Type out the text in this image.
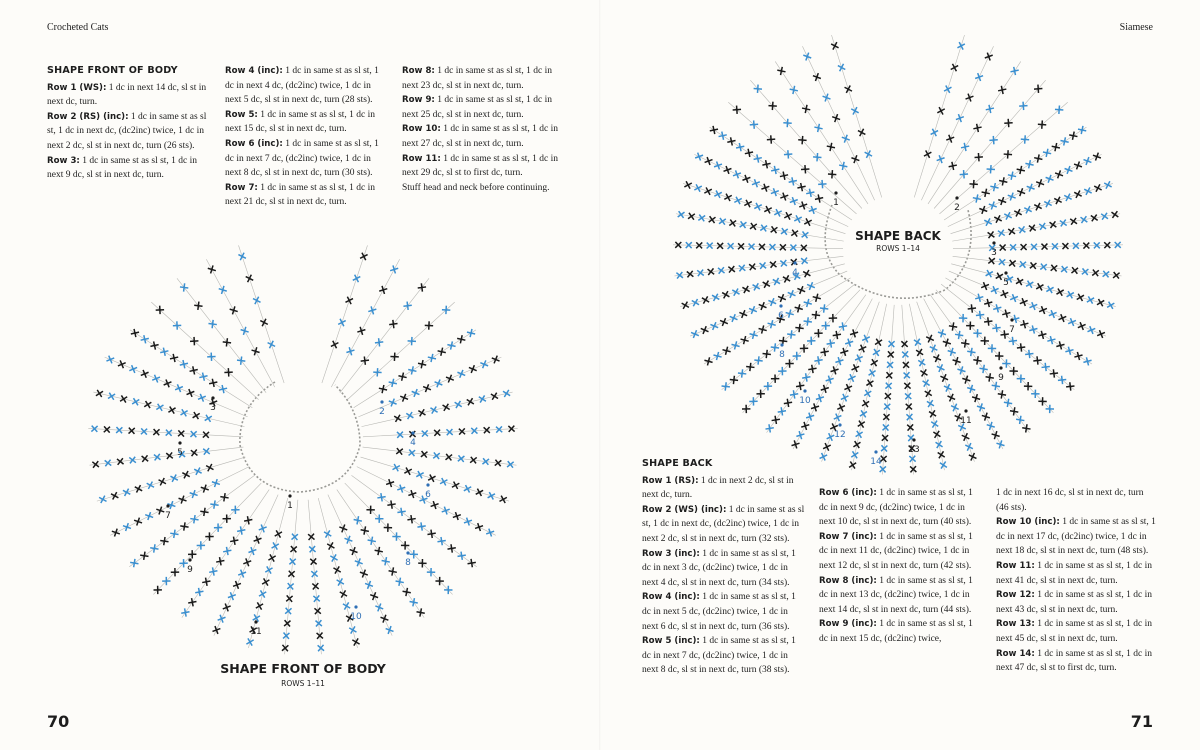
Crocheted Cats
SHAPE FRONT OF BODY

Row 1 (WS): 1 dc in next 14 dc, sl st in next dc, turn.

Row 2 (RS) (inc): 1 dc in same st as sl st, 1 dc in next dc, (dc2inc) twice, 1 dc in next 2 dc, sl st in next dc, turn (26 sts).

Row 3: 1 dc in same st as sl st, 1 dc in next 9 dc, sl st in next dc, turn.

Row 4 (inc): 1 dc in same st as sl st, 1 dc in next 4 dc, (dc2inc) twice, 1 dc in next 5 dc, sl st in next dc, turn (28 sts).

Row 5: 1 dc in same st as sl st, 1 dc in next 15 dc, sl st in next dc, turn.

Row 6 (inc): 1 dc in same st as sl st, 1 dc in next 7 dc, (dc2inc) twice, 1 dc in next 8 dc, sl st in next dc, turn (30 sts).

Row 7: 1 dc in same st as sl st, 1 dc in next 21 dc, sl st in next dc, turn.

Row 8: 1 dc in same st as sl st, 1 dc in next 23 dc, sl st in next dc, turn.

Row 9: 1 dc in same st as sl st, 1 dc in next 25 dc, sl st in next dc, turn.

Row 10: 1 dc in same st as sl st, 1 dc in next 27 dc, sl st in next dc, turn.

Row 11: 1 dc in same st as sl st, 1 dc in next 29 dc, sl st to first dc, turn.

Stuff head and neck before continuing.

1
2
3
4
5
6
7
8
9
10
11
SHAPE FRONT OF BODY
ROWS 1–11
70
Siamese
1	2
3
4
5
6
7
8
9
10
11
12
13
14
SHAPE BACK
ROWS 1–14
SHAPE BACK

Row 1 (RS): 1 dc in next 2 dc, sl st in next dc, turn.

Row 2 (WS) (inc): 1 dc in same st as sl st, 1 dc in next dc, (dc2inc) twice, 1 dc in next 2 dc, sl st in next dc, turn (32 sts).

Row 3 (inc): 1 dc in same st as sl st, 1 dc in next 3 dc, (dc2inc) twice, 1 dc in next 4 dc, sl st in next dc, turn (34 sts).

Row 4 (inc): 1 dc in same st as sl st, 1 dc in next 5 dc, (dc2inc) twice, 1 dc in next 6 dc, sl st in next dc, turn (36 sts).

Row 5 (inc): 1 dc in same st as sl st, 1 dc in next 7 dc, (dc2inc) twice, 1 dc in next 8 dc, sl st in next dc, turn (38 sts).

Row 6 (inc): 1 dc in same st as sl st, 1 dc in next 9 dc, (dc2inc) twice, 1 dc in next 10 dc, sl st in next dc, turn (40 sts).

Row 7 (inc): 1 dc in same st as sl st, 1 dc in next 11 dc, (dc2inc) twice, 1 dc in next 12 dc, sl st in next dc, turn (42 sts).

Row 8 (inc): 1 dc in same st as sl st, 1 dc in next 13 dc, (dc2inc) twice, 1 dc in next 14 dc, sl st in next dc, turn (44 sts).

Row 9 (inc): 1 dc in same st as sl st, 1 dc in next 15 dc, (dc2inc) twice,

1 dc in next 16 dc, sl st in next dc, turn (46 sts).

Row 10 (inc): 1 dc in same st as sl st, 1 dc in next 17 dc, (dc2inc) twice, 1 dc in next 18 dc, sl st in next dc, turn (48 sts).

Row 11: 1 dc in same st as sl st, 1 dc in next 41 dc, sl st in next dc, turn.

Row 12: 1 dc in same st as sl st, 1 dc in next 43 dc, sl st in next dc, turn.

Row 13: 1 dc in same st as sl st, 1 dc in next 45 dc, sl st in next dc, turn.

Row 14: 1 dc in same st as sl st, 1 dc in next 47 dc, sl st to first dc, turn.

71
